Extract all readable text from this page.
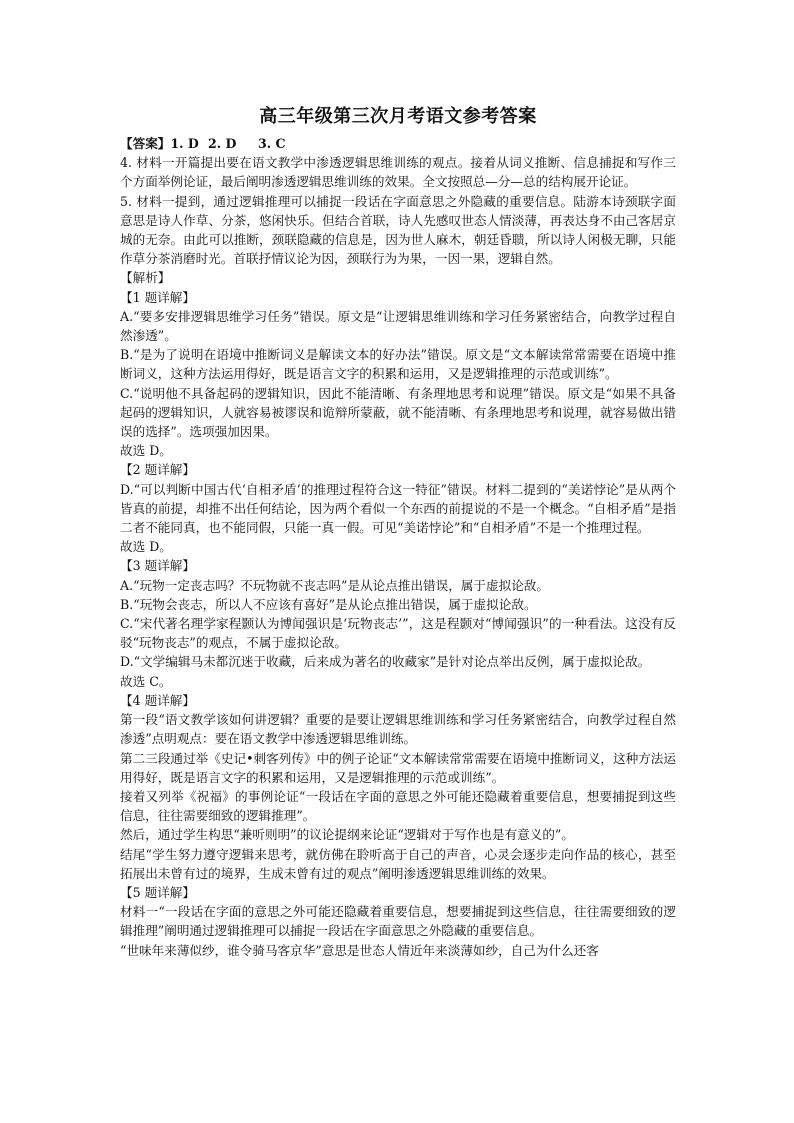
高三年级第三次月考语文参考答案

【答案】1. D 2. D 3. C

4. 材料一开篇提出要在语文教学中渗透逻辑思维训练的观点。接着从词义推断、信息捕捉和写作三个方面举例论证，最后阐明渗透逻辑思维训练的效果。全文按照总—分—总的结构展开论证。

5. 材料一提到，通过逻辑推理可以捕捉一段话在字面意思之外隐藏的重要信息。陆游本诗颈联字面意思是诗人作草、分茶，悠闲快乐。但结合首联，诗人先感叹世态人情淡薄，再表达身不由己客居京城的无奈。由此可以推断，颈联隐藏的信息是，因为世人麻木，朝廷昏聩，所以诗人闲极无聊，只能作草分茶消磨时光。首联抒情议论为因，颈联行为为果，一因一果，逻辑自然。

【解析】

【1 题详解】

A.“要多安排逻辑思维学习任务”错误。原文是“让逻辑思维训练和学习任务紧密结合，向教学过程自然渗透”。

B.“是为了说明在语境中推断词义是解读文本的好办法”错误。原文是“文本解读常常需要在语境中推断词义，这种方法运用得好，既是语言文字的积累和运用，又是逻辑推理的示范或训练”。

C.“说明他不具备起码的逻辑知识，因此不能清晰、有条理地思考和说理”错误。原文是“如果不具备起码的逻辑知识，人就容易被谬误和诡辩所蒙蔽，就不能清晰、有条理地思考和说理，就容易做出错误的选择”。选项强加因果。

故选 D。

【2 题详解】

D.“可以判断中国古代‘自相矛盾’的推理过程符合这一特征”错误。材料二提到的“美诺悖论”是从两个皆真的前提，却推不出任何结论，因为两个看似一个东西的前提说的不是一个概念。“自相矛盾”是指二者不能同真，也不能同假，只能一真一假。可见“美诺悖论”和“自相矛盾”不是一个推理过程。

故选 D。

【3 题详解】

A.“玩物一定丧志吗？不玩物就不丧志吗”是从论点推出错误，属于虚拟论敌。

B.“玩物会丧志，所以人不应该有喜好”是从论点推出错误，属于虚拟论敌。

C.“宋代著名理学家程颢认为博闻强识是‘玩物丧志’”，这是程颢对“博闻强识”的一种看法。这没有反驳“玩物丧志”的观点，不属于虚拟论敌。

D.“文学编辑马未都沉迷于收藏，后来成为著名的收藏家”是针对论点举出反例，属于虚拟论敌。

故选 C。

【4 题详解】

第一段“语文教学该如何讲逻辑？重要的是要让逻辑思维训练和学习任务紧密结合，向教学过程自然渗透”点明观点：要在语文教学中渗透逻辑思维训练。

第二三段通过举《史记•刺客列传》中的例子论证“文本解读常常需要在语境中推断词义，这种方法运用得好，既是语言文字的积累和运用，又是逻辑推理的示范或训练”。

接着又列举《祝福》的事例论证“一段话在字面的意思之外可能还隐藏着重要信息，想要捕捉到这些信息，往往需要细致的逻辑推理”。

然后，通过学生构思“兼听则明”的议论提纲来论证“逻辑对于写作也是有意义的”。

结尾“学生努力遵守逻辑来思考，就仿佛在聆听高于自己的声音，心灵会逐步走向作品的核心，甚至拓展出未曾有过的境界，生成未曾有过的观点”阐明渗透逻辑思维训练的效果。

【5 题详解】

材料一“一段话在字面的意思之外可能还隐藏着重要信息，想要捕捉到这些信息，往往需要细致的逻辑推理”阐明通过逻辑推理可以捕捉一段话在字面意思之外隐藏的重要信息。

“世味年来薄似纱，谁令骑马客京华”意思是世态人情近年来淡薄如纱，自己为什么还客
